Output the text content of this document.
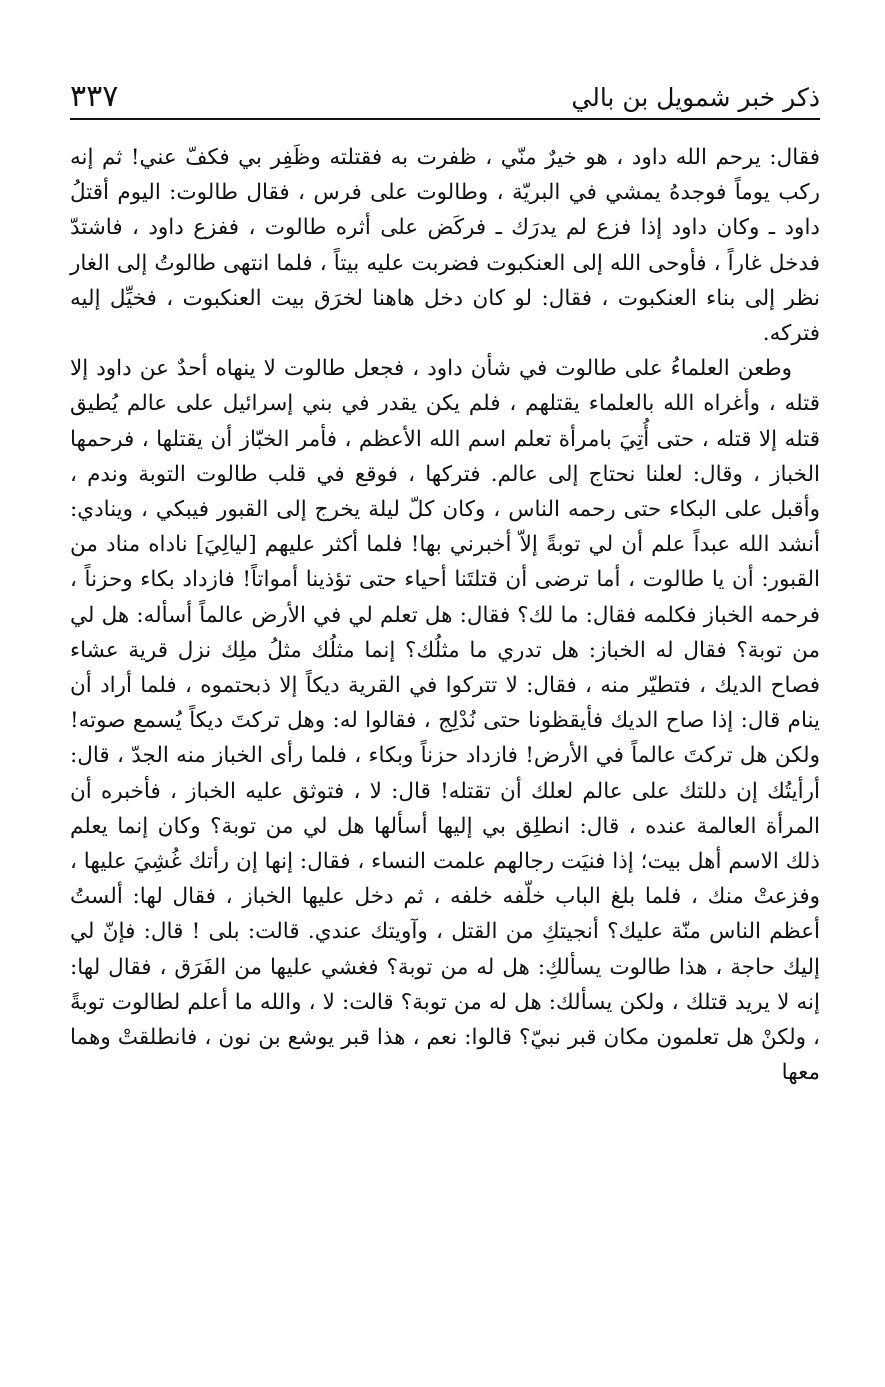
ذكر خبر شمويل بن بالي
٣٣٧

فقال: يرحم الله داود ، هو خيرٌ منّي ، ظفرت به فقتلته وظَفِر بي فكفّ عني! ثم إنه ركب يوماً فوجدهُ يمشي في البريّة ، وطالوت على فرس ، فقال طالوت: اليوم أقتلُ داود ـ وكان داود إذا فزع لم يدرَك ـ فركَض على أثره طالوت ، ففزع داود ، فاشتدّ فدخل غاراً ، فأوحى الله إلى العنكبوت فضربت عليه بيتاً ، فلما انتهى طالوتُ إلى الغار نظر إلى بناء العنكبوت ، فقال: لو كان دخل هاهنا لخرَق بيت العنكبوت ، فخيِّل إليه فتركه.

وطعن العلماءُ على طالوت في شأن داود ، فجعل طالوت لا ينهاه أحدٌ عن داود إلا قتله ، وأغراه الله بالعلماء يقتلهم ، فلم يكن يقدر في بني إسرائيل على عالم يُطيق قتله إلا قتله ، حتى أُتِيَ بامرأة تعلم اسم الله الأعظم ، فأمر الخبّاز أن يقتلها ، فرحمها الخباز ، وقال: لعلنا نحتاج إلى عالم. فتركها ، فوقع في قلب طالوت التوبة وندم ، وأقبل على البكاء حتى رحمه الناس ، وكان كلّ ليلة يخرج إلى القبور فيبكي ، وينادي: أنشد الله عبداً علم أن لي توبةً إلاّ أخبرني بها! فلما أكثر عليهم [ليالِيَ] ناداه مناد من القبور: أن يا طالوت ، أما ترضى أن قتلتَنا أحياء حتى تؤذينا أمواتاً! فازداد بكاء وحزناً ، فرحمه الخباز فكلمه فقال: ما لك؟ فقال: هل تعلم لي في الأرض عالماً أسأله: هل لي من توبة؟ فقال له الخباز: هل تدري ما مثلُك؟ إنما مثلُك مثلُ ملِك نزل قرية عشاء فصاح الديك ، فتطيّر منه ، فقال: لا تتركوا في القرية ديكاً إلا ذبحتموه ، فلما أراد أن ينام قال: إذا صاح الديك فأيقظونا حتى نُدْلِج ، فقالوا له: وهل تركتَ ديكاً يُسمع صوته! ولكن هل تركتَ عالماً في الأرض! فازداد حزناً وبكاء ، فلما رأى الخباز منه الجدّ ، قال: أرأيتُك إن دللتك على عالم لعلك أن تقتله! قال: لا ، فتوثق عليه الخباز ، فأخبره أن المرأة العالمة عنده ، قال: انطلِق بي إليها أسألها هل لي من توبة؟ وكان إنما يعلم ذلك الاسم أهل بيت؛ إذا فنيَت رجالهم علمت النساء ، فقال: إنها إن رأتك غُشِيَ عليها ، وفزعتْ منك ، فلما بلغ الباب خلّفه خلفه ، ثم دخل عليها الخباز ، فقال لها: ألستُ أعظم الناس منّة عليك؟ أنجيتكِ من القتل ، وآويتك عندي. قالت: بلى ! قال: فإنّ لي إليك حاجة ، هذا طالوت يسألكِ: هل له من توبة؟ فغشي عليها من الفَرَق ، فقال لها: إنه لا يريد قتلك ، ولكن يسألك: هل له من توبة؟ قالت: لا ، والله ما أعلم لطالوت توبةً ، ولكنْ هل تعلمون مكان قبر نبيّ؟ قالوا: نعم ، هذا قبر يوشع بن نون ، فانطلقتْ وهما معها
